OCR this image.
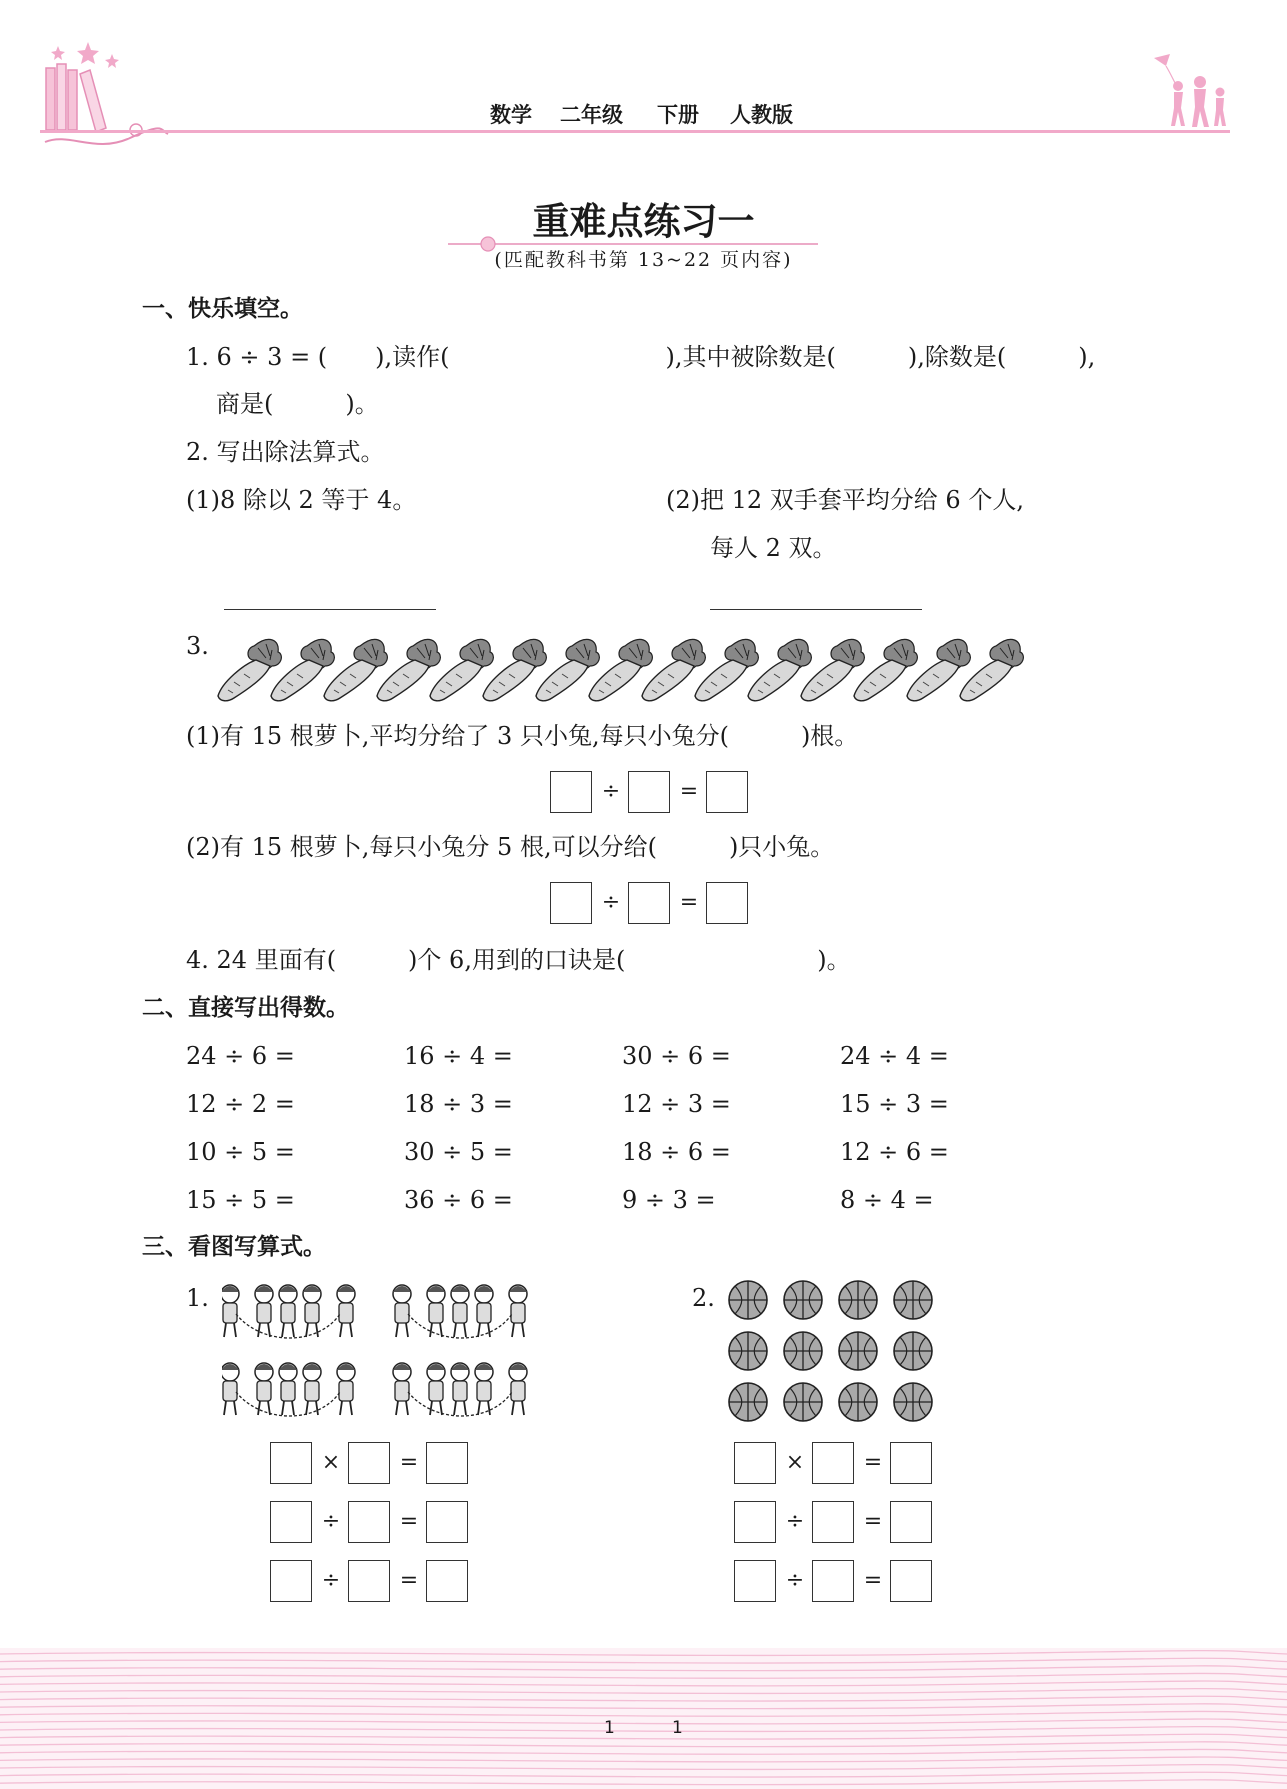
数学 二年级 下册 人教版
重难点练习一
(匹配教科书第 13~22 页内容)
一、快乐填空。
1. 6 ÷ 3 = (　　),读作(　　　　　　　　　),其中被除数是(　　　),除数是(　　　),
商是(　　　)。
2. 写出除法算式。
(1)8 除以 2 等于 4。	(2)把 12 双手套平均分给 6 个人,
每人 2 双。
3.
(1)有 15 根萝卜,平均分给了 3 只小兔,每只小兔分(　　　)根。
÷	=
(2)有 15 根萝卜,每只小兔分 5 根,可以分给(　　　)只小兔。
÷	=
4. 24 里面有(　　　)个 6,用到的口诀是(　　　　　　　　)。
二、直接写出得数。
24 ÷ 6 =	16 ÷ 4 =	30 ÷ 6 =	24 ÷ 4 =
12 ÷ 2 =	18 ÷ 3 =	12 ÷ 3 =	15 ÷ 3 =
10 ÷ 5 =	30 ÷ 5 =	18 ÷ 6 =	12 ÷ 6 =
15 ÷ 5 =	36 ÷ 6 =	9 ÷ 3 =	8 ÷ 4 =
三、看图写算式。
1.	2.
×	=
÷	=
÷	=
×	=
÷	=
÷	=
1	1
